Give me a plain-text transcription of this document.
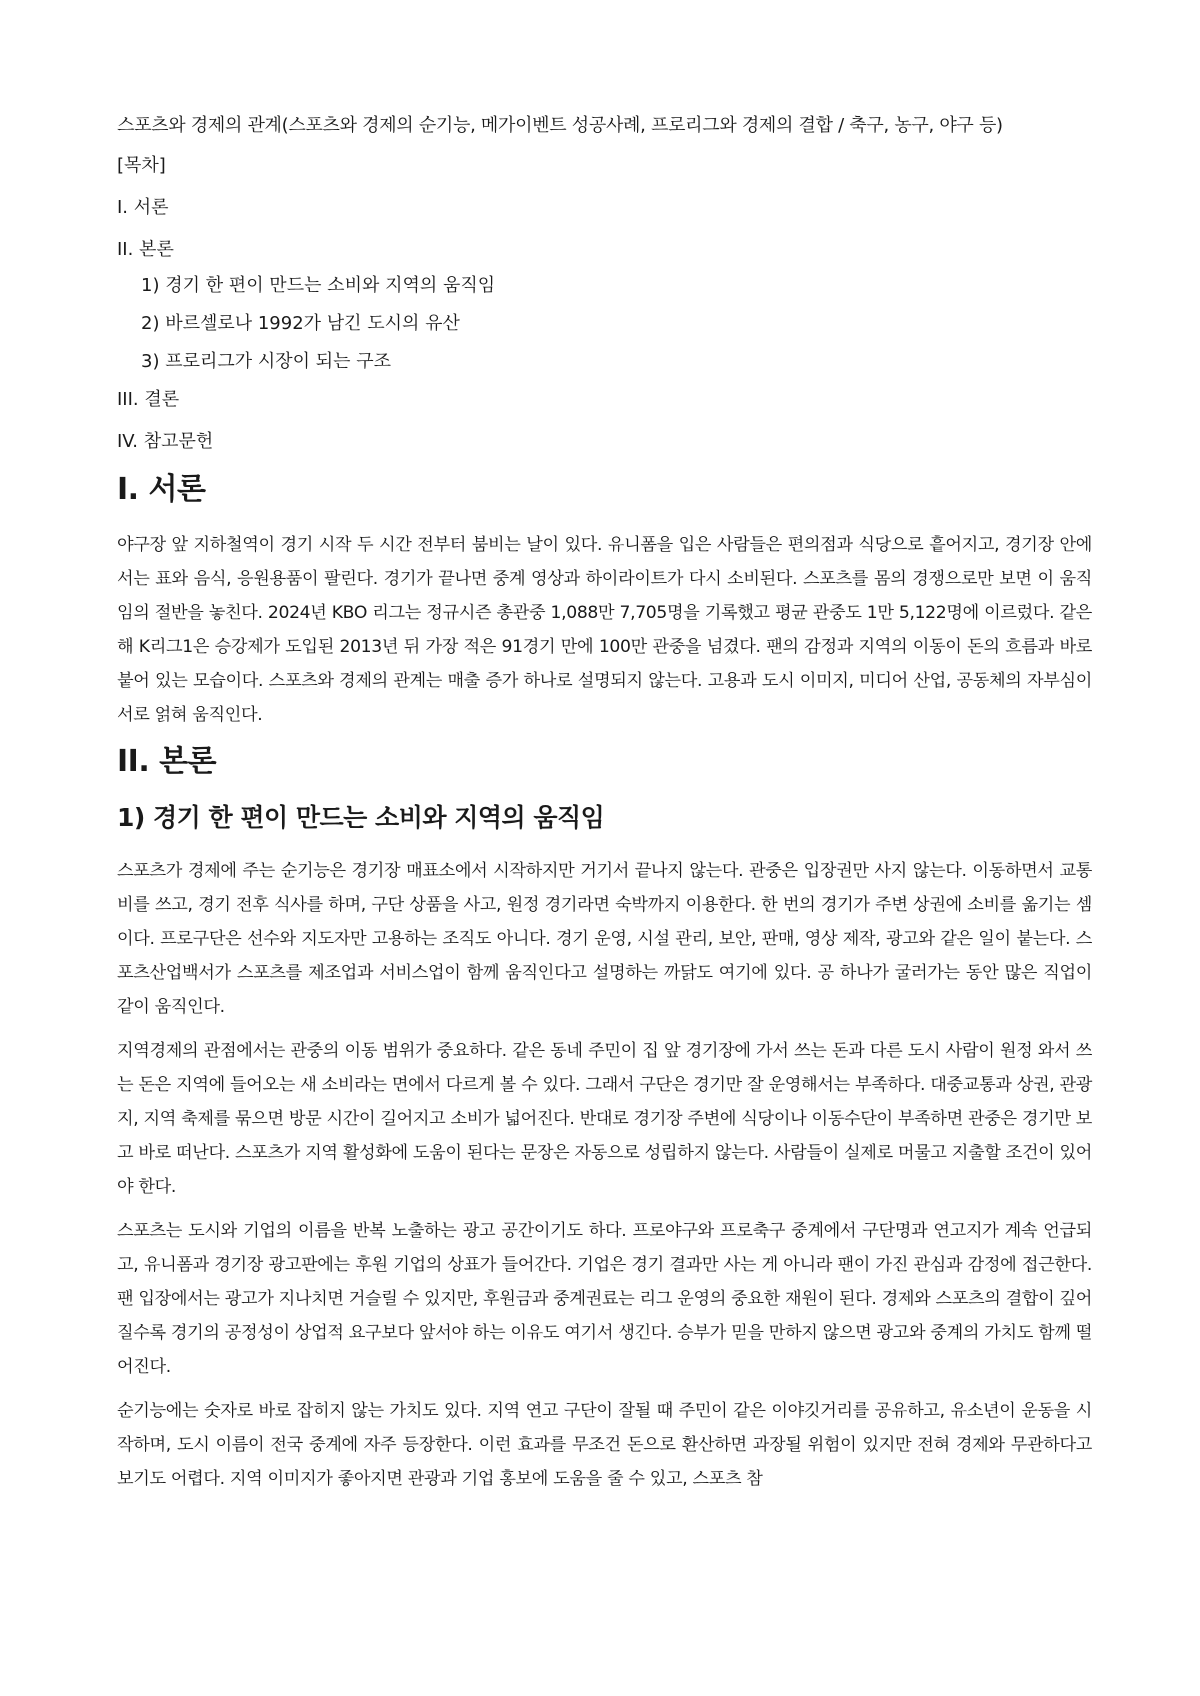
스포츠와 경제의 관계(스포츠와 경제의 순기능, 메가이벤트 성공사례, 프로리그와 경제의 결합 / 축구, 농구, 야구 등)
[목차]
I. 서론
II. 본론
1) 경기 한 편이 만드는 소비와 지역의 움직임
2) 바르셀로나 1992가 남긴 도시의 유산
3) 프로리그가 시장이 되는 구조
III. 결론
IV. 참고문헌
I. 서론

야구장 앞 지하철역이 경기 시작 두 시간 전부터 붐비는 날이 있다. 유니폼을 입은 사람들은 편의점과 식당으로 흩어지고, 경기장 안에서는 표와 음식, 응원용품이 팔린다. 경기가 끝나면 중계 영상과 하이라이트가 다시 소비된다. 스포츠를 몸의 경쟁으로만 보면 이 움직임의 절반을 놓친다. 2024년 KBO 리그는 정규시즌 총관중 1,088만 7,705명을 기록했고 평균 관중도 1만 5,122명에 이르렀다. 같은 해 K리그1은 승강제가 도입된 2013년 뒤 가장 적은 91경기 만에 100만 관중을 넘겼다. 팬의 감정과 지역의 이동이 돈의 흐름과 바로 붙어 있는 모습이다. 스포츠와 경제의 관계는 매출 증가 하나로 설명되지 않는다. 고용과 도시 이미지, 미디어 산업, 공동체의 자부심이 서로 얽혀 움직인다.

II. 본론
1) 경기 한 편이 만드는 소비와 지역의 움직임

스포츠가 경제에 주는 순기능은 경기장 매표소에서 시작하지만 거기서 끝나지 않는다. 관중은 입장권만 사지 않는다. 이동하면서 교통비를 쓰고, 경기 전후 식사를 하며, 구단 상품을 사고, 원정 경기라면 숙박까지 이용한다. 한 번의 경기가 주변 상권에 소비를 옮기는 셈이다. 프로구단은 선수와 지도자만 고용하는 조직도 아니다. 경기 운영, 시설 관리, 보안, 판매, 영상 제작, 광고와 같은 일이 붙는다. 스포츠산업백서가 스포츠를 제조업과 서비스업이 함께 움직인다고 설명하는 까닭도 여기에 있다. 공 하나가 굴러가는 동안 많은 직업이 같이 움직인다.

지역경제의 관점에서는 관중의 이동 범위가 중요하다. 같은 동네 주민이 집 앞 경기장에 가서 쓰는 돈과 다른 도시 사람이 원정 와서 쓰는 돈은 지역에 들어오는 새 소비라는 면에서 다르게 볼 수 있다. 그래서 구단은 경기만 잘 운영해서는 부족하다. 대중교통과 상권, 관광지, 지역 축제를 묶으면 방문 시간이 길어지고 소비가 넓어진다. 반대로 경기장 주변에 식당이나 이동수단이 부족하면 관중은 경기만 보고 바로 떠난다. 스포츠가 지역 활성화에 도움이 된다는 문장은 자동으로 성립하지 않는다. 사람들이 실제로 머물고 지출할 조건이 있어야 한다.

스포츠는 도시와 기업의 이름을 반복 노출하는 광고 공간이기도 하다. 프로야구와 프로축구 중계에서 구단명과 연고지가 계속 언급되고, 유니폼과 경기장 광고판에는 후원 기업의 상표가 들어간다. 기업은 경기 결과만 사는 게 아니라 팬이 가진 관심과 감정에 접근한다. 팬 입장에서는 광고가 지나치면 거슬릴 수 있지만, 후원금과 중계권료는 리그 운영의 중요한 재원이 된다. 경제와 스포츠의 결합이 깊어질수록 경기의 공정성이 상업적 요구보다 앞서야 하는 이유도 여기서 생긴다. 승부가 믿을 만하지 않으면 광고와 중계의 가치도 함께 떨어진다.

순기능에는 숫자로 바로 잡히지 않는 가치도 있다. 지역 연고 구단이 잘될 때 주민이 같은 이야깃거리를 공유하고, 유소년이 운동을 시작하며, 도시 이름이 전국 중계에 자주 등장한다. 이런 효과를 무조건 돈으로 환산하면 과장될 위험이 있지만 전혀 경제와 무관하다고 보기도 어렵다. 지역 이미지가 좋아지면 관광과 기업 홍보에 도움을 줄 수 있고, 스포츠 참
